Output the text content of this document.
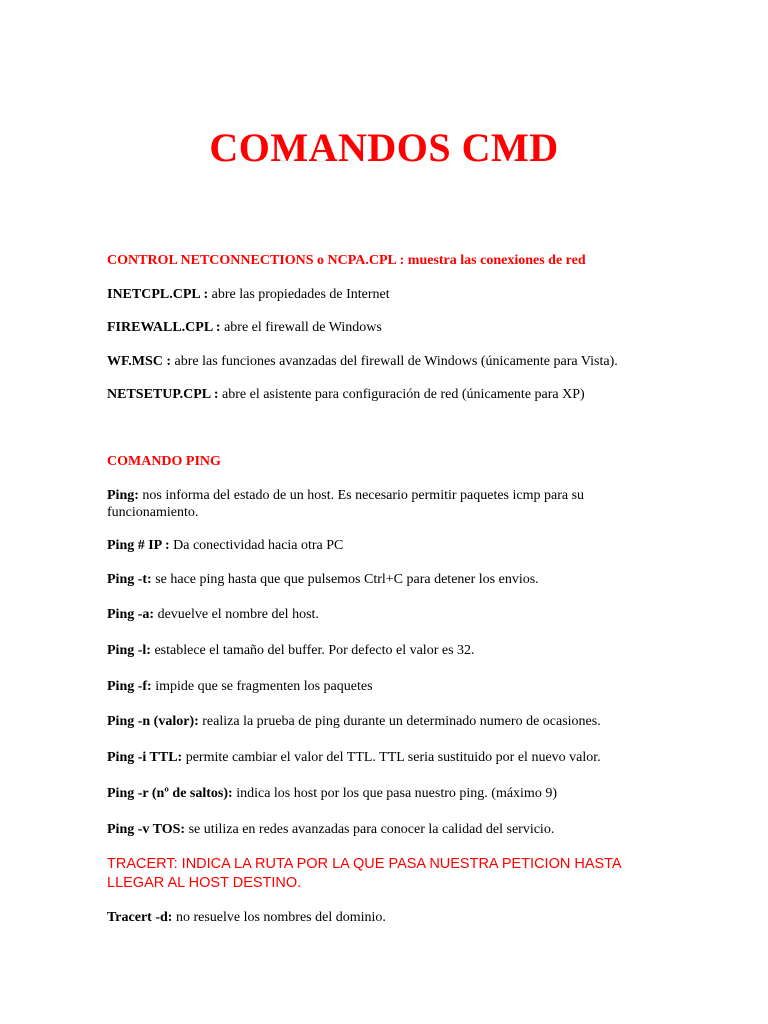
COMANDOS CMD
CONTROL NETCONNECTIONS o NCPA.CPL : muestra las conexiones de red
INETCPL.CPL : abre las propiedades de Internet
FIREWALL.CPL : abre el firewall de Windows
WF.MSC : abre las funciones avanzadas del firewall de Windows (únicamente para Vista).
NETSETUP.CPL : abre el asistente para configuración de red (únicamente para XP)
COMANDO PING
Ping: nos informa del estado de un host. Es necesario permitir paquetes icmp para su funcionamiento.
Ping # IP : Da conectividad hacia otra PC
Ping -t: se hace ping hasta que que pulsemos Ctrl+C para detener los envios.
Ping -a: devuelve el nombre del host.
Ping -l: establece el tamaño del buffer. Por defecto el valor es 32.
Ping -f: impide que se fragmenten los paquetes
Ping -n (valor): realiza la prueba de ping durante un determinado numero de ocasiones.
Ping -i TTL: permite cambiar el valor del TTL. TTL seria sustituido por el nuevo valor.
Ping -r (nº de saltos): indica los host por los que pasa nuestro ping. (máximo 9)
Ping -v TOS: se utiliza en redes avanzadas para conocer la calidad del servicio.
TRACERT: INDICA LA RUTA POR LA QUE PASA NUESTRA PETICION HASTA LLEGAR AL HOST DESTINO.
Tracert -d: no resuelve los nombres del dominio.
